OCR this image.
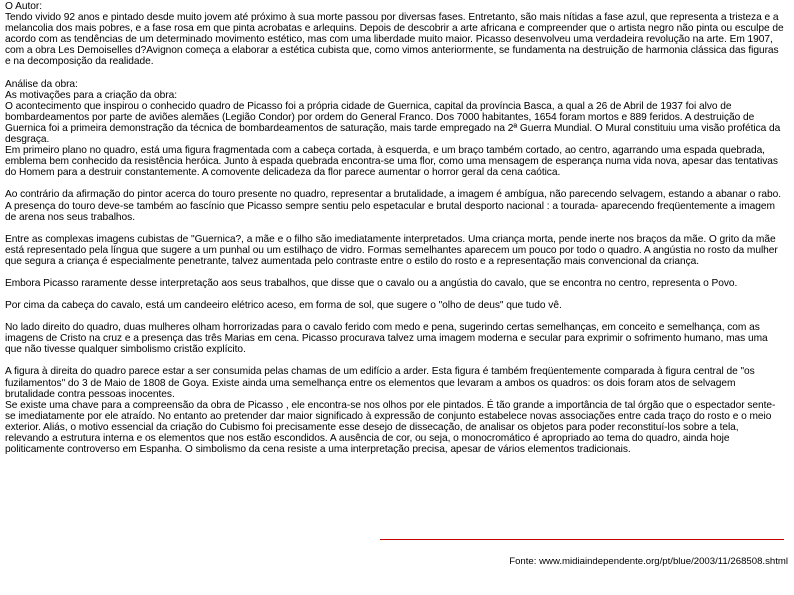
O Autor:

Tendo vivido 92 anos e pintado desde muito jovem até próximo à sua morte passou por diversas fases. Entretanto, são mais nítidas a fase azul, que representa a tristeza e a melancolia dos mais pobres, e a fase rosa em que pinta acrobatas e arlequins. Depois de descobrir a arte africana e compreender que o artista negro não pinta ou esculpe de acordo com as tendências de um determinado movimento estético, mas com uma liberdade muito maior. Picasso desenvolveu uma verdadeira revolução na arte. Em 1907, com a obra Les Demoiselles d?Avignon começa a elaborar a estética cubista que, como vimos anteriormente, se fundamenta na destruição de harmonia clássica das figuras e na decomposição da realidade.

Análise da obra:

As motivações para a criação da obra:

O acontecimento que inspirou o conhecido quadro de Picasso foi a própria cidade de Guernica, capital da província Basca, a qual a 26 de Abril de 1937 foi alvo de bombardeamentos por parte de aviões alemães (Legião Condor) por ordem do General Franco. Dos 7000 habitantes, 1654 foram mortos e 889 feridos. A destruição de Guernica foi a primeira demonstração da técnica de bombardeamentos de saturação, mais tarde empregado na 2ª Guerra Mundial. O Mural constituiu uma visão profética da desgraça.

Em primeiro plano no quadro, está uma figura fragmentada com a cabeça cortada, à esquerda, e um braço também cortado, ao centro, agarrando uma espada quebrada, emblema bem conhecido da resistência heróica. Junto à espada quebrada encontra-se uma flor, como uma mensagem de esperança numa vida nova, apesar das tentativas do Homem para a destruir constantemente. A comovente delicadeza da flor parece aumentar o horror geral da cena caótica.

Ao contrário da afirmação do pintor acerca do touro presente no quadro, representar a brutalidade, a imagem é ambígua, não parecendo selvagem, estando a abanar o rabo. A presença do touro deve-se também ao fascínio que Picasso sempre sentiu pelo espetacular e brutal desporto nacional : a tourada- aparecendo freqüentemente a imagem de arena nos seus trabalhos.

Entre as complexas imagens cubistas de "Guernica?, a mãe e o filho são imediatamente interpretados. Uma criança morta, pende inerte nos braços da mãe. O grito da mãe está representado pela língua que sugere a um punhal ou um estilhaço de vidro. Formas semelhantes aparecem um pouco por todo o quadro. A angústia no rosto da mulher que segura a criança é especialmente penetrante, talvez aumentada pelo contraste entre o estilo do rosto e a representação mais convencional da criança.

Embora Picasso raramente desse interpretação aos seus trabalhos, que disse que o cavalo ou a angústia do cavalo, que se encontra no centro, representa o Povo.

Por cima da cabeça do cavalo, está um candeeiro elétrico aceso, em forma de sol, que sugere o "olho de deus" que tudo vê.

No lado direito do quadro, duas mulheres olham horrorizadas para o cavalo ferido com medo e pena, sugerindo certas semelhanças, em conceito e semelhança, com as imagens de Cristo na cruz e a presença das três Marias em cena. Picasso procurava talvez uma imagem moderna e secular para exprimir o sofrimento humano, mas uma que não tivesse qualquer simbolismo cristão explícito.

A figura à direita do quadro parece estar a ser consumida pelas chamas de um edifício a arder. Esta figura é também freqüentemente comparada à figura central de "os fuzilamentos" do 3 de Maio de 1808 de Goya. Existe ainda uma semelhança entre os elementos que levaram a ambos os quadros: os dois foram atos de selvagem brutalidade contra pessoas inocentes.

Se existe uma chave para a compreensão da obra de Picasso , ele encontra-se nos olhos por ele pintados. É tão grande a importância de tal órgão que o espectador sente-se imediatamente por ele atraído. No entanto ao pretender dar maior significado à expressão de conjunto estabelece novas associações entre cada traço do rosto e o meio exterior. Aliás, o motivo essencial da criação do Cubismo foi precisamente esse desejo de dissecação, de analisar os objetos para poder reconstituí-los sobre a tela, relevando a estrutura interna e os elementos que nos estão escondidos. A ausência de cor, ou seja, o monocromático é apropriado ao tema do quadro, ainda hoje politicamente controverso em Espanha. O simbolismo da cena resiste a uma interpretação precisa, apesar de vários elementos tradicionais.

Fonte: www.midiaindependente.org/pt/blue/2003/11/268508.shtml
